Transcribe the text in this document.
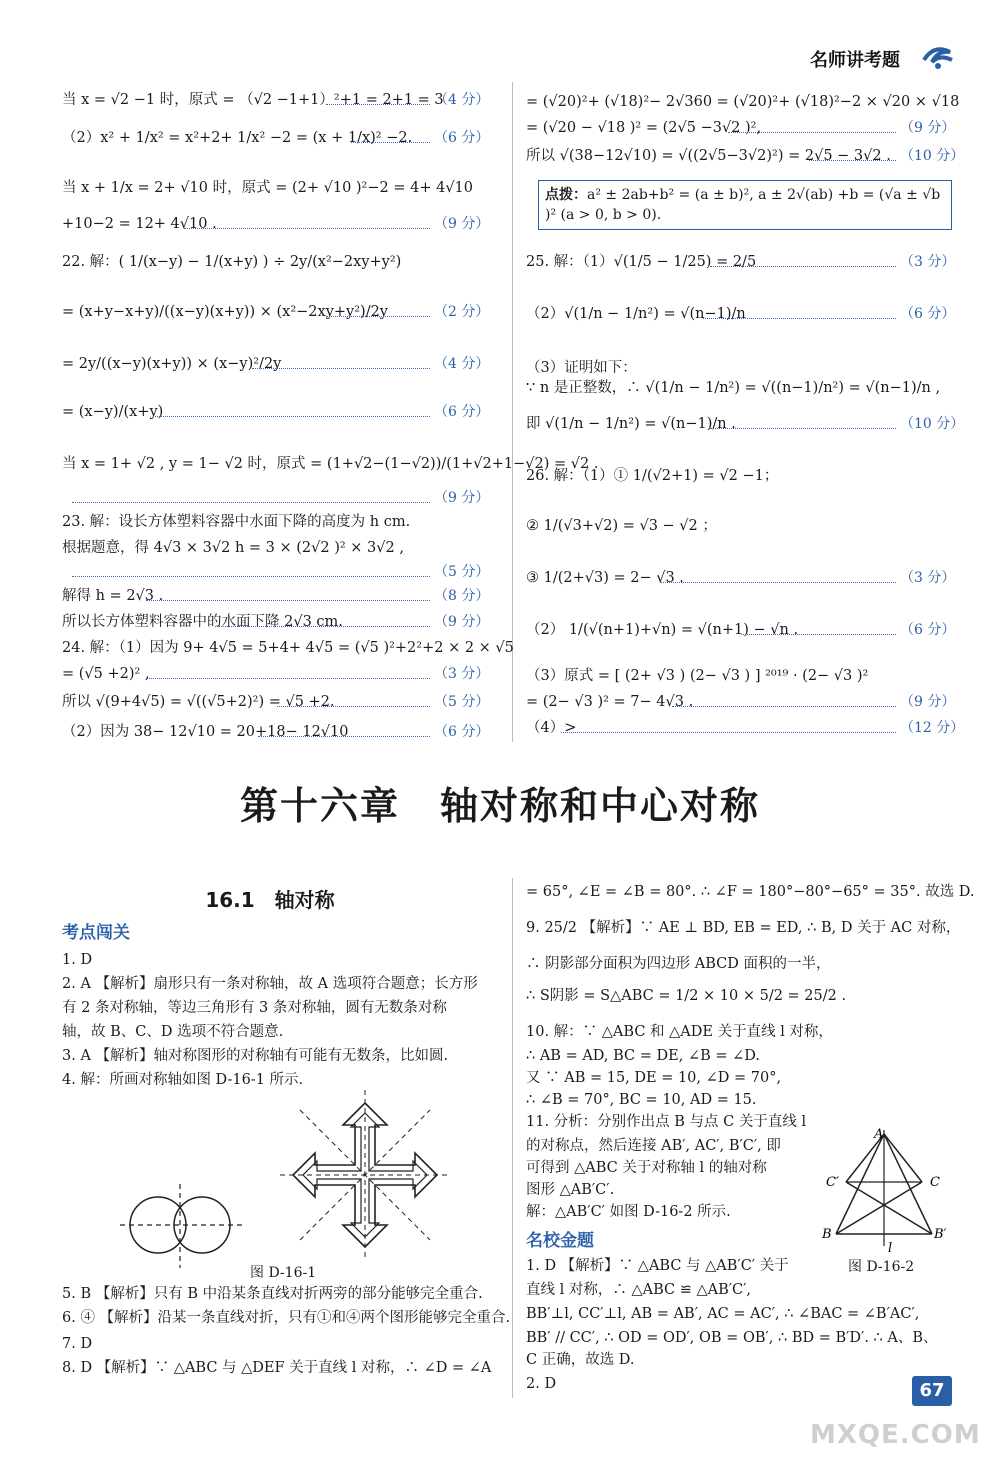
名师讲考题
当 x = √2 −1 时，原式 = （√2 −1+1）²+1 = 2+1 = 3
（4 分）
（2）x² + 1/x² = x²+2+ 1/x² −2 = (x + 1/x)² −2. （6 分）
当 x + 1/x = 2+ √10 时，原式 = (2+ √10 )²−2 = 4+ 4√10
+10−2 = 12+ 4√10 .	（9 分）
22. 解：( 1/(x−y) − 1/(x+y) ) ÷ 2y/(x²−2xy+y²)
= (x+y−x+y)/((x−y)(x+y)) × (x²−2xy+y²)/2y	（2 分）
= 2y/((x−y)(x+y)) × (x−y)²/2y	（4 分）
= (x−y)/(x+y)	（6 分）
当 x = 1+ √2 , y = 1− √2 时，原式 = (1+√2−(1−√2))/(1+√2+1−√2) = √2 .
（9 分）
23. 解：设长方体塑料容器中水面下降的高度为 h cm.
根据题意，得 4√3 × 3√2 h = 3 × (2√2 )² × 3√2 ,
（5 分）
解得 h = 2√3 .	（8 分）
所以长方体塑料容器中的水面下降 2√3 cm.	（9 分）
24. 解：（1）因为 9+ 4√5 = 5+4+ 4√5 = (√5 )²+2²+2 × 2 × √5
= (√5 +2)² ,	（3 分）
所以 √(9+4√5) = √((√5+2)²) = √5 +2.	（5 分）
（2）因为 38− 12√10 = 20+18− 12√10	（6 分）
= (√20)²+ (√18)²− 2√360 = (√20)²+ (√18)²−2 × √20 × √18
= (√20 − √18 )² = (2√5 −3√2 )²,	（9 分）
所以 √(38−12√10) = √((2√5−3√2)²) = 2√5 − 3√2 . （10 分）
25. 解：（1）√(1/5 − 1/25) = 2/5	（3 分）
（2）√(1/n − 1/n²) = √(n−1)/n	（6 分）
（3）证明如下：
∵ n 是正整数，∴ √(1/n − 1/n²) = √((n−1)/n²) = √(n−1)/n ,
即 √(1/n − 1/n²) = √(n−1)/n .	（10 分）
26. 解：（1）① 1/(√2+1) = √2 −1；
② 1/(√3+√2) = √3 − √2 ；
③ 1/(2+√3) = 2− √3 .	（3 分）
（2） 1/(√(n+1)+√n) = √(n+1) − √n .	（6 分）
（3）原式 = [ (2+ √3 ) (2− √3 ) ] ²⁰¹⁹ · (2− √3 )²
= (2− √3 )² = 7− 4√3 .	（9 分）
（4）>	（12 分）
点拨：a² ± 2ab+b² = (a ± b)², a ± 2√(ab) +b = (√a ± √b )² (a > 0, b > 0).
第十六章　轴对称和中心对称
16.1　轴对称
考点闯关
1. D
2. A 【解析】扇形只有一条对称轴，故 A 选项符合题意；长方形
有 2 条对称轴，等边三角形有 3 条对称轴，圆有无数条对称
轴，故 B、C、D 选项不符合题意.
3. A 【解析】轴对称图形的对称轴有可能有无数条，比如圆.
4. 解：所画对称轴如图 D-16-1 所示.
5. B 【解析】只有 B 中沿某条直线对折两旁的部分能够完全重合.
6. ④ 【解析】沿某一条直线对折，只有①和④两个图形能够完全重合.
7. D
8. D 【解析】∵ △ABC 与 △DEF 关于直线 l 对称，∴ ∠D = ∠A
图 D-16-1
= 65°, ∠E = ∠B = 80°. ∴ ∠F = 180°−80°−65° = 35°. 故选 D.
9. 25/2 【解析】∵ AE ⊥ BD, EB = ED, ∴ B, D 关于 AC 对称，
∴ 阴影部分面积为四边形 ABCD 面积的一半，
∴ S阴影 = S△ABC = 1/2 × 10 × 5/2 = 25/2 .
10. 解：∵ △ABC 和 △ADE 关于直线 l 对称，
∴ AB = AD, BC = DE, ∠B = ∠D.
又 ∵ AB = 15, DE = 10, ∠D = 70°,
∴ ∠B = 70°, BC = 10, AD = 15.
11. 分析：分别作出点 B 与点 C 关于直线 l
的对称点，然后连接 AB′, AC′, B′C′, 即
可得到 △ABC 关于对称轴 l 的轴对称
图形 △AB′C′.
解：△AB′C′ 如图 D-16-2 所示.
1. D 【解析】∵ △ABC 与 △AB′C′ 关于
直线 l 对称，∴ △ABC ≌ △AB′C′,
BB′⊥l, CC′⊥l, AB = AB′, AC = AC′, ∴ ∠BAC = ∠B′AC′,
BB′ // CC′, ∴ OD = OD′, OB = OB′, ∴ BD = B′D′. ∴ A、B、
C 正确，故选 D.
2. D
名校金题
A
C′	C
B	B′
l
图 D-16-2
67
MXQE.COM
